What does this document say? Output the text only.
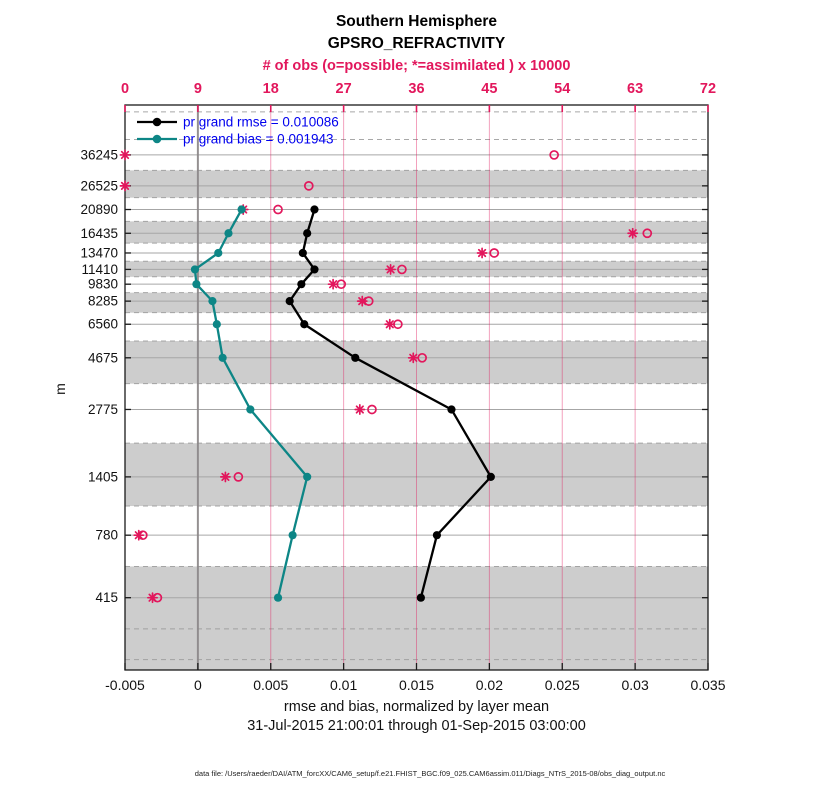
Southern Hemisphere
GPSRO_REFRACTIVITY
# of obs (o=possible; *=assimilated ) x 10000
-0.005	0	0.005	0.01	0.015	0.02	0.025	0.03	0.035
0	9	18	27	36	45	54	63	72
36245
26525
20890
16435
13470
11410
9830
8285
6560
4675
2775
1405
780
415
pr grand rmse = 0.010086
pr grand bias = 0.001943
m
rmse and bias, normalized by layer mean
31-Jul-2015 21:00:01 through 01-Sep-2015 03:00:00
data file: /Users/raeder/DAI/ATM_forcXX/CAM6_setup/f.e21.FHIST_BGC.f09_025.CAM6assim.011/Diags_NTrS_2015-08/obs_diag_output.nc
